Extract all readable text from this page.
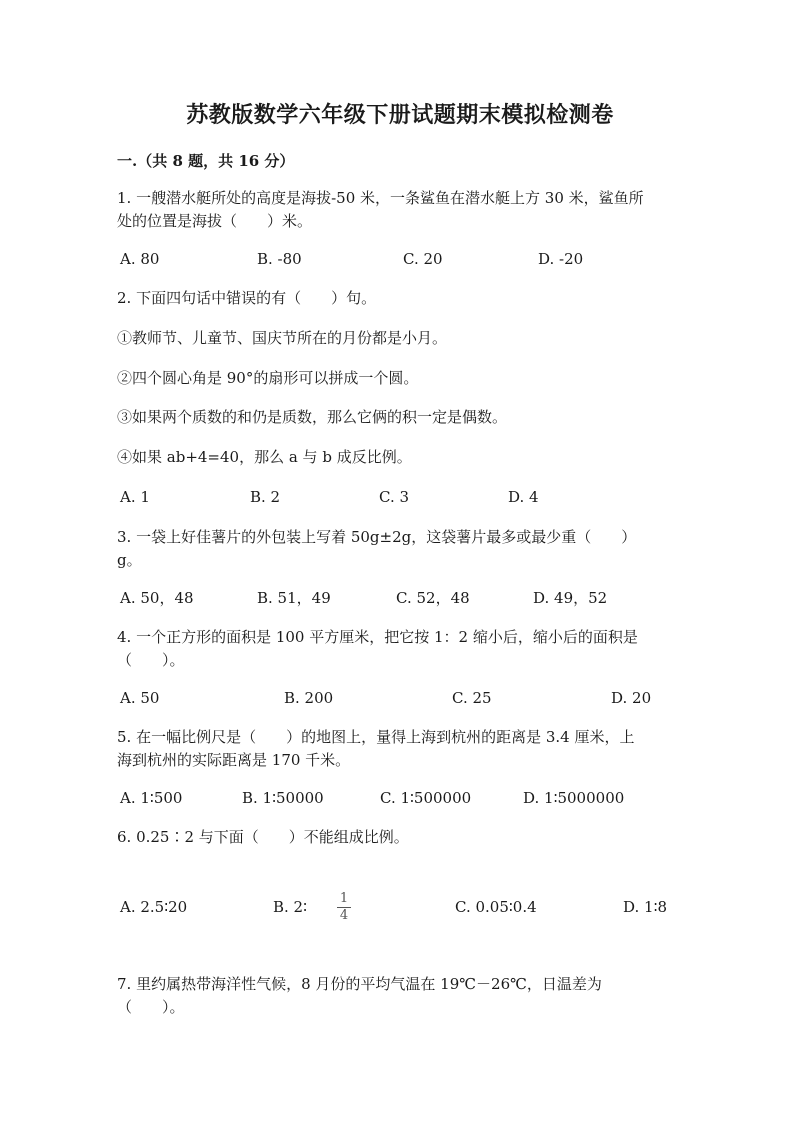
苏教版数学六年级下册试题期末模拟检测卷
一.（共 8 题，共 16 分）
1. 一艘潜水艇所处的高度是海拔-50 米，一条鲨鱼在潜水艇上方 30 米，鲨鱼所
处的位置是海拔（　　）米。
A. 80	B. -80	C. 20	D. -20
2. 下面四句话中错误的有（　　）句。
①教师节、儿童节、国庆节所在的月份都是小月。
②四个圆心角是 90°的扇形可以拼成一个圆。
③如果两个质数的和仍是质数，那么它俩的积一定是偶数。
④如果 ab+4=40，那么 a 与 b 成反比例。
A. 1	B. 2	C. 3	D. 4
3. 一袋上好佳薯片的外包装上写着 50g±2g，这袋薯片最多或最少重（　　）
g。
A. 50，48	B. 51，49	C. 52，48	D. 49，52
4. 一个正方形的面积是 100 平方厘米，把它按 1：2 缩小后，缩小后的面积是
（　　）。
A. 50	B. 200	C. 25	D. 20
5. 在一幅比例尺是（　　）的地图上，量得上海到杭州的距离是 3.4 厘米，上
海到杭州的实际距离是 170 千米。
A. 1∶500	B. 1∶50000	C. 1∶500000	D. 1∶5000000
6. 0.25∶2 与下面（　　）不能组成比例。
A. 2.5∶20	B. 2∶	1
4	C. 0.05∶0.4	D. 1∶8
7. 里约属热带海洋性气候，8 月份的平均气温在 19℃－26℃，日温差为
（　　）。
